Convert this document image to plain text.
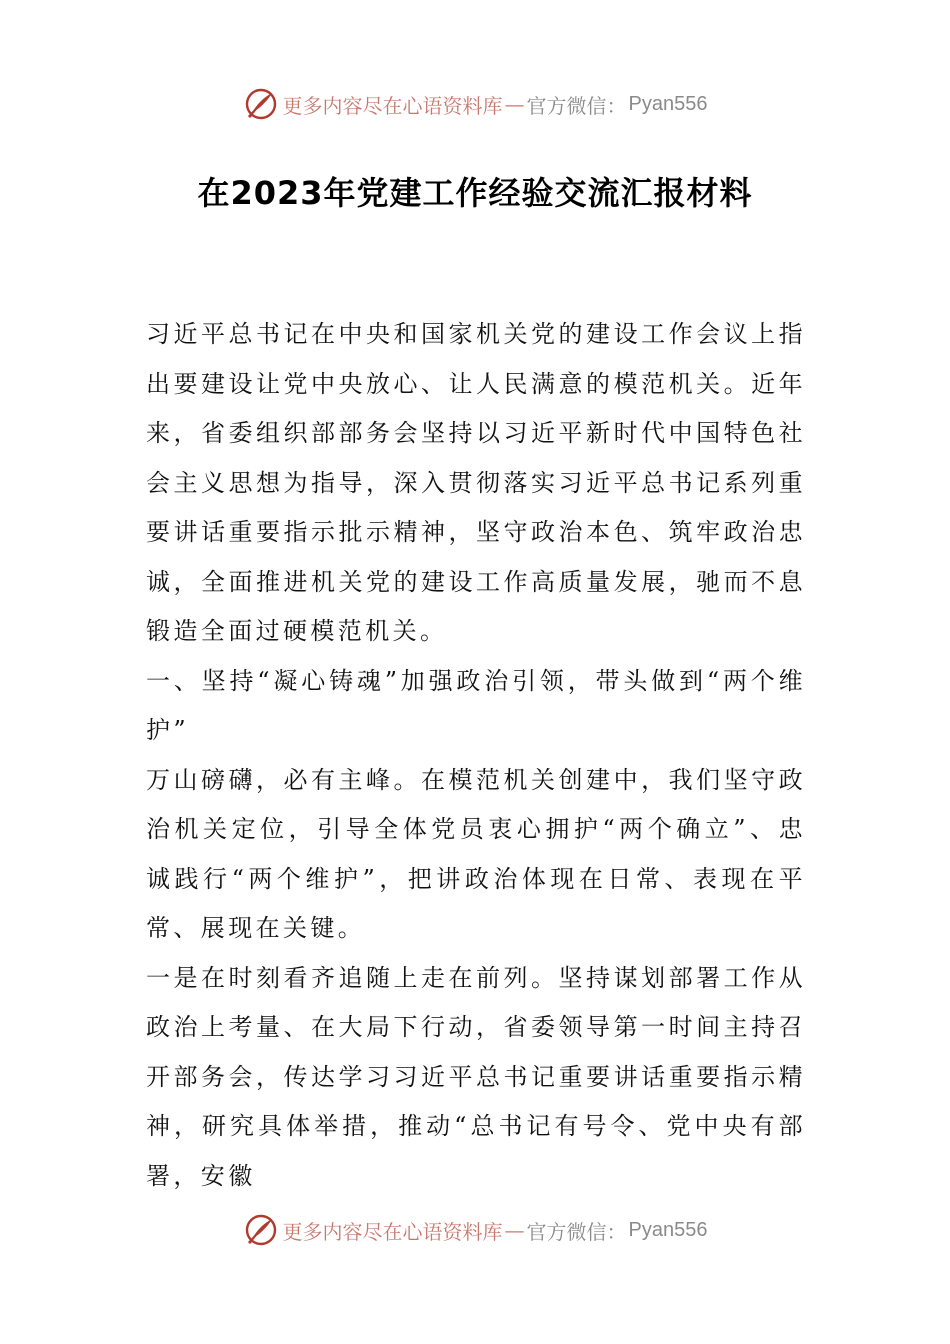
更多内容尽在心语资料库 — 官方微信： Pyan556
在2023年党建工作经验交流汇报材料

习近平总书记在中央和国家机关党的建设工作会议上指出要建设让党中央放心、让人民满意的模范机关。近年来，省委组织部部务会坚持以习近平新时代中国特色社会主义思想为指导，深入贯彻落实习近平总书记系列重要讲话重要指示批示精神，坚守政治本色、筑牢政治忠诚，全面推进机关党的建设工作高质量发展，驰而不息锻造全面过硬模范机关。

一、坚持“凝心铸魂”加强政治引领，带头做到“两个维护”

万山磅礴，必有主峰。在模范机关创建中，我们坚守政治机关定位，引导全体党员衷心拥护“两个确立”、忠诚践行“两个维护”，把讲政治体现在日常、表现在平常、展现在关键。

一是在时刻看齐追随上走在前列。坚持谋划部署工作从政治上考量、在大局下行动，省委领导第一时间主持召开部务会，传达学习习近平总书记重要讲话重要指示精神，研究具体举措，推动“总书记有号令、党中央有部署，安徽

更多内容尽在心语资料库 — 官方微信： Pyan556
